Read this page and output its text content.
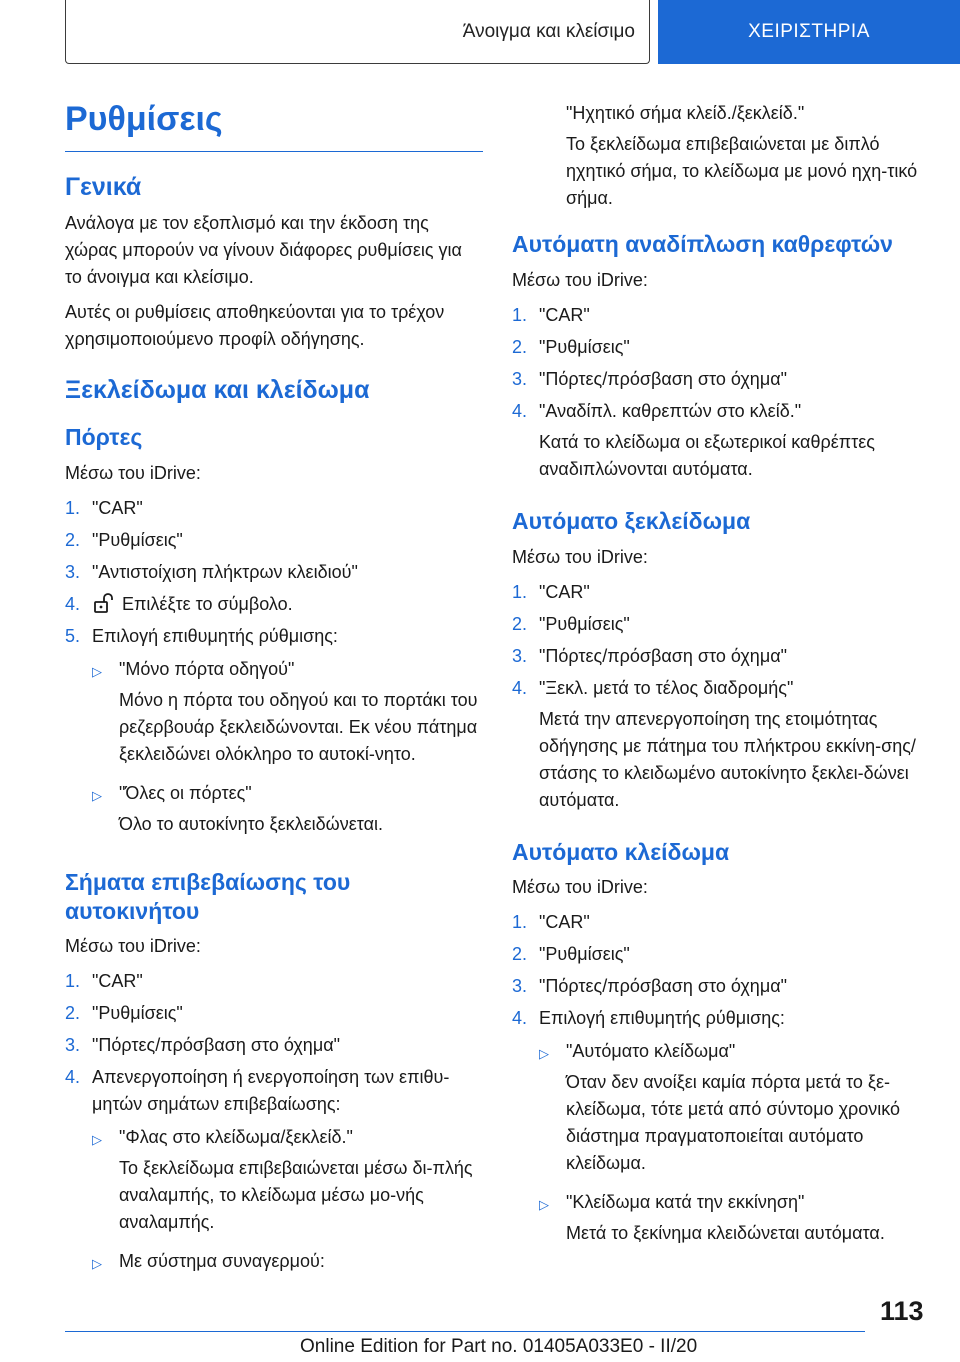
Άνοιγμα και κλείσιμο	ΧΕΙΡΙΣΤΗΡΙΑ
Ρυθμίσεις
Γενικά

Ανάλογα με τον εξοπλισμό και την έκδοση της χώρας μπορούν να γίνουν διάφορες ρυθμίσεις για το άνοιγμα και κλείσιμο.

Αυτές οι ρυθμίσεις αποθηκεύονται για το τρέχον χρησιμοποιούμενο προφίλ οδήγησης.

Ξεκλείδωμα και κλείδωμα
Πόρτες

Μέσω του iDrive:

1. "CAR"
2. "Ρυθμίσεις"
3. "Αντιστοίχιση πλήκτρων κλειδιού"
4.	Επιλέξτε το σύμβολο.
5. Επιλογή επιθυμητής ρύθμισης:
▷ "Μόνο πόρτα οδηγού"

Μόνο η πόρτα του οδηγού και το πορτάκι του ρεζερβουάρ ξεκλειδώνονται. Εκ νέου πάτημα ξεκλειδώνει ολόκληρο το αυτοκί-νητο.

▷ "Όλες οι πόρτες"

Όλο το αυτοκίνητο ξεκλειδώνεται.

Σήματα επιβεβαίωσης του αυτοκινήτου

Μέσω του iDrive:

1. "CAR"
2. "Ρυθμίσεις"
3. "Πόρτες/πρόσβαση στο όχημα"
4. Απενεργοποίηση ή ενεργοποίηση των επιθυ-μητών σημάτων επιβεβαίωσης:
▷ "Φλας στο κλείδωμα/ξεκλείδ."

Το ξεκλείδωμα επιβεβαιώνεται μέσω δι-πλής αναλαμπής, το κλείδωμα μέσω μο-νής αναλαμπής.

▷ Με σύστημα συναγερμού:

"Ηχητικό σήμα κλείδ./ξεκλείδ."

Το ξεκλείδωμα επιβεβαιώνεται με διπλό ηχητικό σήμα, το κλείδωμα με μονό ηχη-τικό σήμα.

Αυτόματη αναδίπλωση καθρεφτών

Μέσω του iDrive:

1. "CAR"
2. "Ρυθμίσεις"
3. "Πόρτες/πρόσβαση στο όχημα"
4. "Αναδίπλ. καθρεπτών στο κλείδ."

Κατά το κλείδωμα οι εξωτερικοί καθρέπτες αναδιπλώνονται αυτόματα.

Αυτόματο ξεκλείδωμα

Μέσω του iDrive:

1. "CAR"
2. "Ρυθμίσεις"
3. "Πόρτες/πρόσβαση στο όχημα"
4. "Ξεκλ. μετά το τέλος διαδρομής"

Μετά την απενεργοποίηση της ετοιμότητας οδήγησης με πάτημα του πλήκτρου εκκίνη-σης/στάσης το κλειδωμένο αυτοκίνητο ξεκλει-δώνει αυτόματα.

Αυτόματο κλείδωμα

Μέσω του iDrive:

1. "CAR"
2. "Ρυθμίσεις"
3. "Πόρτες/πρόσβαση στο όχημα"
4. Επιλογή επιθυμητής ρύθμισης:
▷ "Αυτόματο κλείδωμα"

Όταν δεν ανοίξει καμία πόρτα μετά το ξε-κλείδωμα, τότε μετά από σύντομο χρονικό διάστημα πραγματοποιείται αυτόματο κλείδωμα.

▷ "Κλείδωμα κατά την εκκίνηση"

Μετά το ξεκίνημα κλειδώνεται αυτόματα.

113
Online Edition for Part no. 01405A033E0 - II/20
